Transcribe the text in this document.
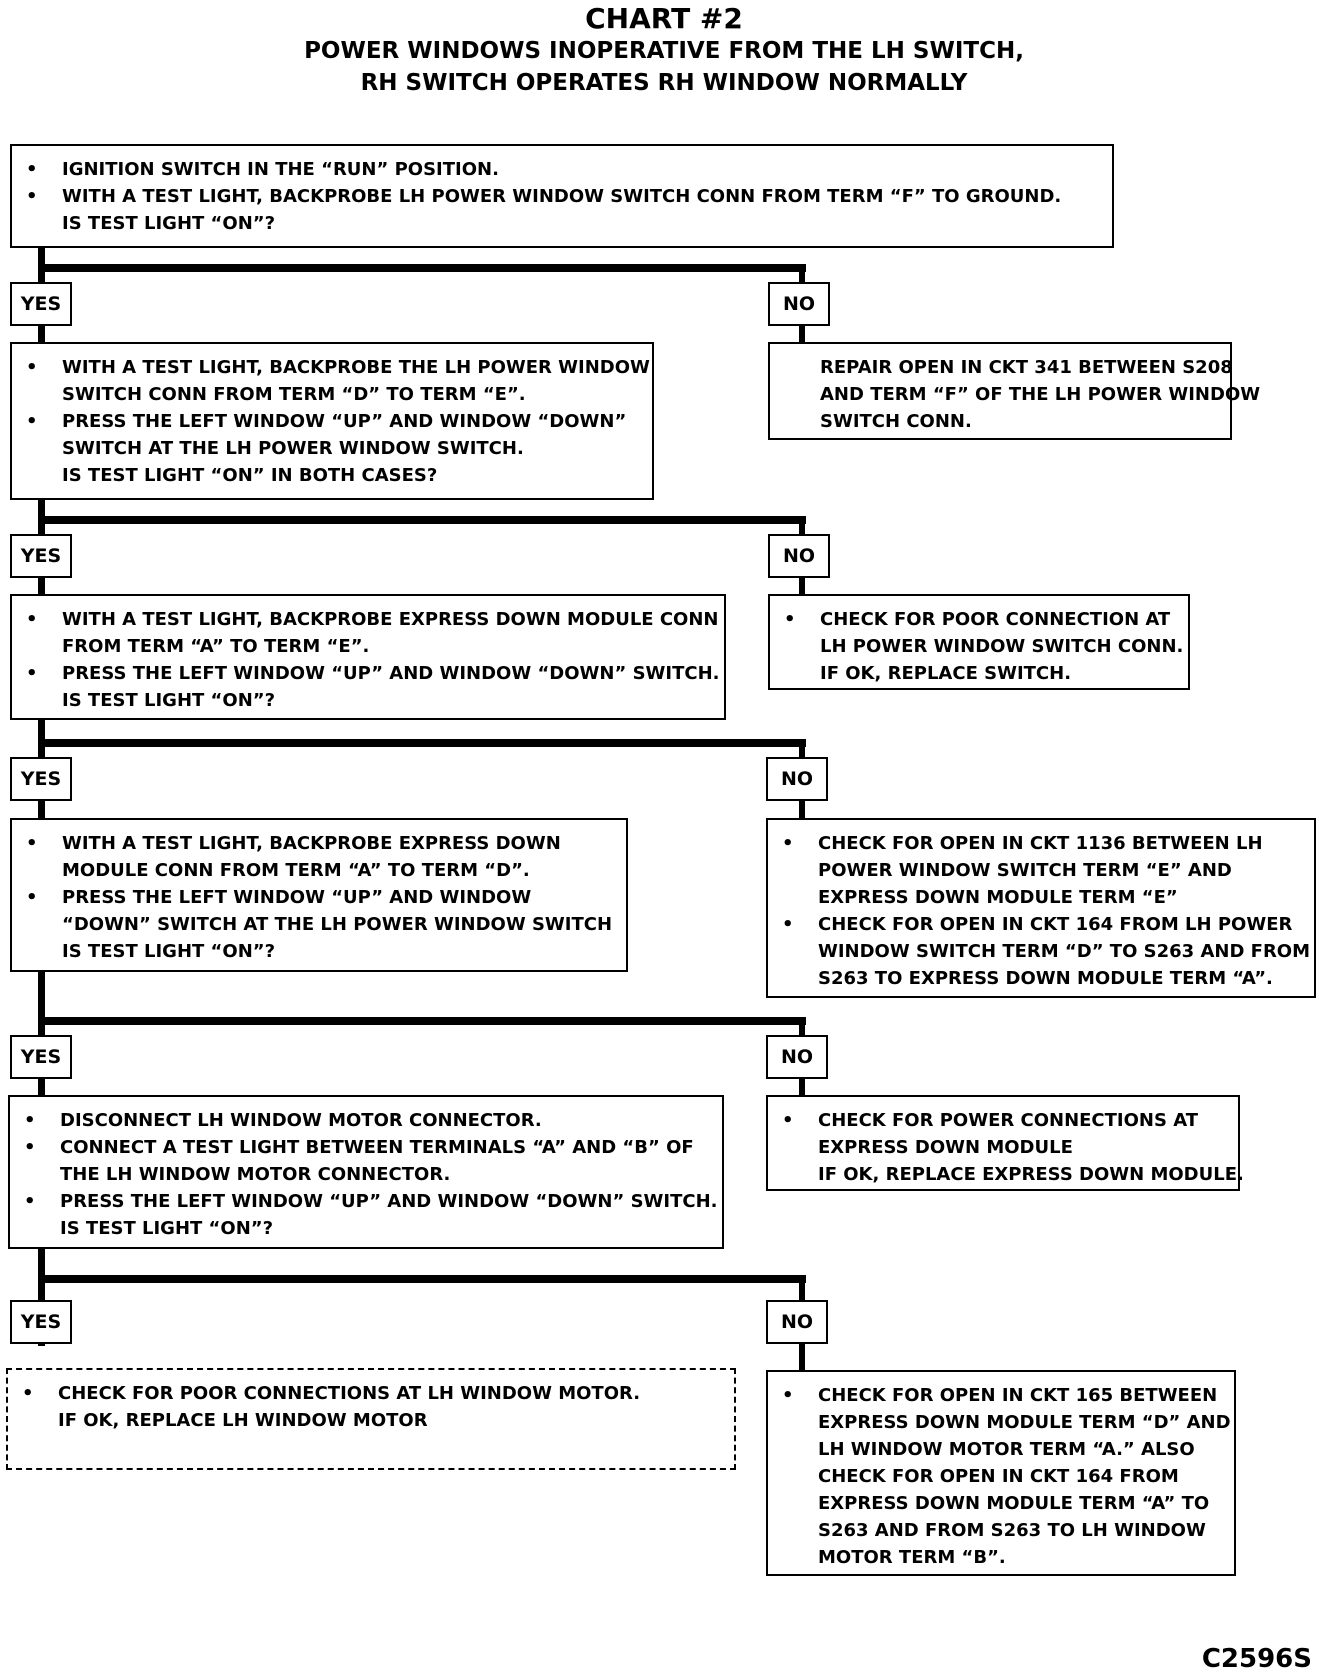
CHART #2
POWER WINDOWS INOPERATIVE FROM THE LH SWITCH,
RH SWITCH OPERATES RH WINDOW NORMALLY
•	IGNITION SWITCH IN THE “RUN” POSITION.
•	WITH A TEST LIGHT, BACKPROBE LH POWER WINDOW SWITCH CONN FROM TERM “F” TO GROUND.
IS TEST LIGHT “ON”?
•	WITH A TEST LIGHT, BACKPROBE THE LH POWER WINDOW
SWITCH CONN FROM TERM “D” TO TERM “E”.
•	PRESS THE LEFT WINDOW “UP” AND WINDOW “DOWN”
SWITCH AT THE LH POWER WINDOW SWITCH.
IS TEST LIGHT “ON” IN BOTH CASES?
•	WITH A TEST LIGHT, BACKPROBE EXPRESS DOWN MODULE CONN
FROM TERM “A” TO TERM “E”.
•	PRESS THE LEFT WINDOW “UP” AND WINDOW “DOWN” SWITCH.
IS TEST LIGHT “ON”?
•	WITH A TEST LIGHT, BACKPROBE EXPRESS DOWN
MODULE CONN FROM TERM “A” TO TERM “D”.
•	PRESS THE LEFT WINDOW “UP” AND WINDOW
“DOWN” SWITCH AT THE LH POWER WINDOW SWITCH
IS TEST LIGHT “ON”?
•	DISCONNECT LH WINDOW MOTOR CONNECTOR.
•	CONNECT A TEST LIGHT BETWEEN TERMINALS “A” AND “B” OF
THE LH WINDOW MOTOR CONNECTOR.
•	PRESS THE LEFT WINDOW “UP” AND WINDOW “DOWN” SWITCH.
IS TEST LIGHT “ON”?
•	CHECK FOR POOR CONNECTIONS AT LH WINDOW MOTOR.
IF OK, REPLACE LH WINDOW MOTOR
REPAIR OPEN IN CKT 341 BETWEEN S208
AND TERM “F” OF THE LH POWER WINDOW
SWITCH CONN.
•	CHECK FOR POOR CONNECTION AT
LH POWER WINDOW SWITCH CONN.
IF OK, REPLACE SWITCH.
•	CHECK FOR OPEN IN CKT 1136 BETWEEN LH
POWER WINDOW SWITCH TERM “E” AND
EXPRESS DOWN MODULE TERM “E”
•	CHECK FOR OPEN IN CKT 164 FROM LH POWER
WINDOW SWITCH TERM “D” TO S263 AND FROM
S263 TO EXPRESS DOWN MODULE TERM “A”.
•	CHECK FOR POWER CONNECTIONS AT
EXPRESS DOWN MODULE
IF OK, REPLACE EXPRESS DOWN MODULE.
•	CHECK FOR OPEN IN CKT 165 BETWEEN
EXPRESS DOWN MODULE TERM “D” AND
LH WINDOW MOTOR TERM “A.” ALSO
CHECK FOR OPEN IN CKT 164 FROM
EXPRESS DOWN MODULE TERM “A” TO
S263 AND FROM S263 TO LH WINDOW
MOTOR TERM “B”.
YES	NO
YES	NO
YES	NO
YES	NO
YES	NO
C2596S
